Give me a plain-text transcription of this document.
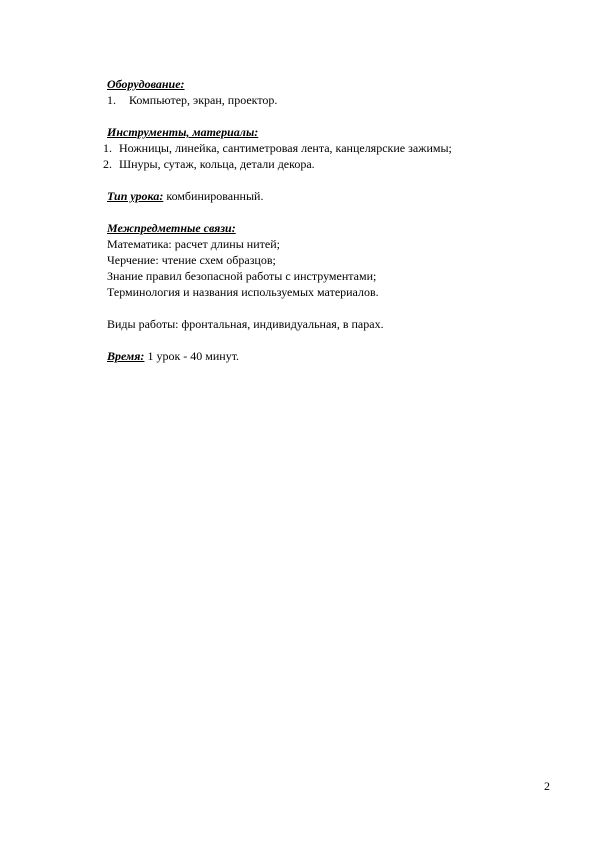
Оборудование:

1.	Компьютер, экран, проектор.

Инструменты, материалы:

1. Ножницы, линейка, сантиметровая лента, канцелярские зажимы;
2. Шнуры, сутаж, кольца, детали декора.

Тип урока: комбинированный.

Межпредметные связи:

Математика: расчет длины нитей;

Черчение: чтение схем образцов;

Знание правил безопасной работы с инструментами;

Терминология и названия используемых материалов.

Виды работы: фронтальная, индивидуальная, в парах.

Время: 1 урок - 40 минут.

2
